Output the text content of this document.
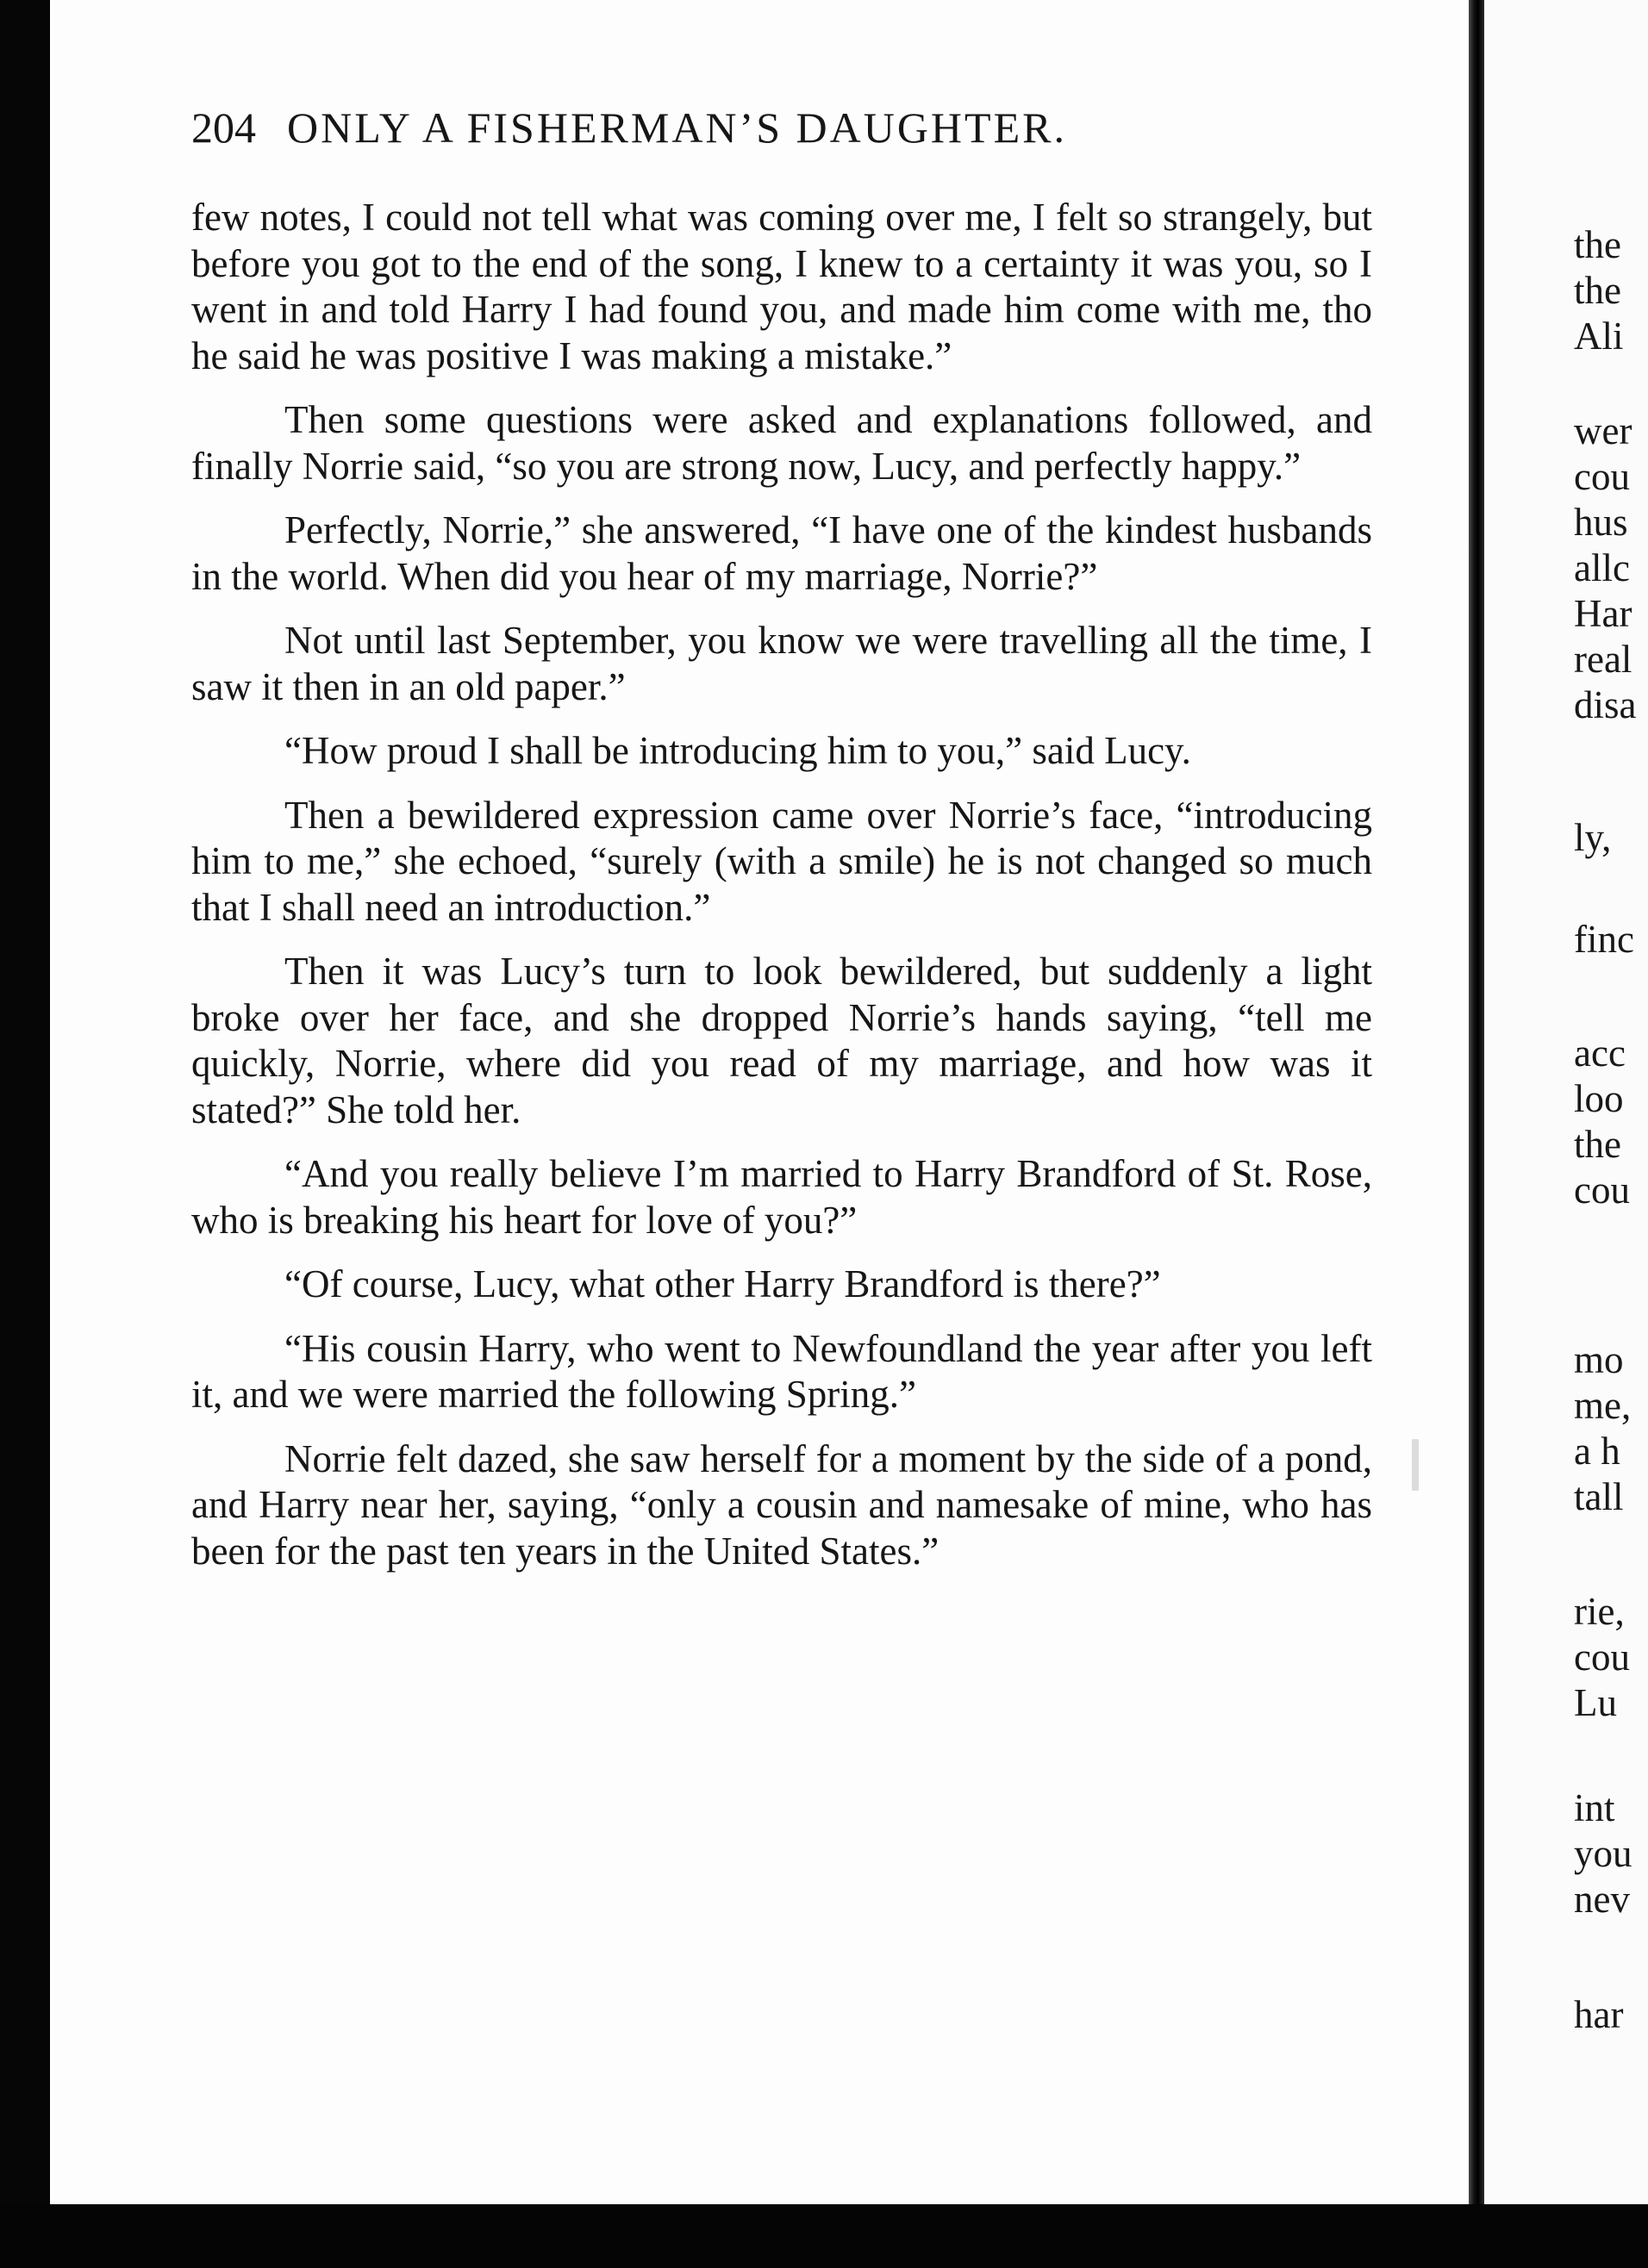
204 ONLY A FISHERMAN’S DAUGHTER.

few notes, I could not tell what was coming over me, I felt so strangely, but before you got to the end of the song, I knew to a certainty it was you, so I went in and told Harry I had found you, and made him come with me, tho he said he was positive I was making a mistake.”

Then some questions were asked and explanations followed, and finally Norrie said, “so you are strong now, Lucy, and perfectly happy.”

Perfectly, Norrie,” she answered, “I have one of the kindest husbands in the world. When did you hear of my marriage, Norrie?”

Not until last September, you know we were travelling all the time, I saw it then in an old paper.”

“How proud I shall be introducing him to you,” said Lucy.

Then a bewildered expression came over Norrie’s face, “introducing him to me,” she echoed, “surely (with a smile) he is not changed so much that I shall need an introduction.”

Then it was Lucy’s turn to look bewildered, but suddenly a light broke over her face, and she dropped Norrie’s hands saying, “tell me quickly, Norrie, where did you read of my marriage, and how was it stated?” She told her.

“And you really believe I’m married to Harry Brandford of St. Rose, who is breaking his heart for love of you?”

“Of course, Lucy, what other Harry Brandford is there?”

“His cousin Harry, who went to Newfoundland the year after you left it, and we were married the following Spring.”

Norrie felt dazed, she saw herself for a moment by the side of a pond, and Harry near her, saying, “only a cousin and namesake of mine, who has been for the past ten years in the United States.”

the
the
Ali
wer
cou
hus
allc
Har
real
disa
ly,
finc
acc
loo
the
cou
mo
me,
a h
tall
rie,
cou
Lu
int
you
nev
har
